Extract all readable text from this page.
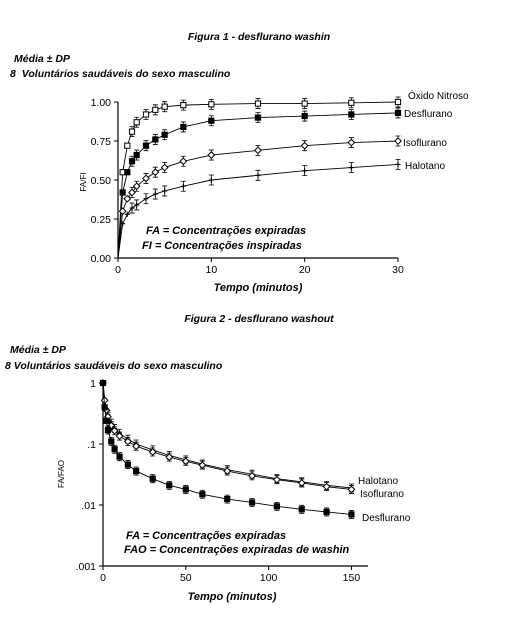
Figura 1 - desflurano washin
Média ± DP
8 Voluntários saudáveis do sexo masculino
0.00
0.25
0.50
0.75
1.00
0	10	20	30
FA/FI
Tempo (minutos)
FA = Concentrações expiradas
FI = Concentrações inspiradas
Óxido Nitroso
Desflurano
Isoflurano
Halotano
Figura 2 - desflurano washout
Média ± DP
8 Voluntários saudáveis do sexo masculino
1
.1
.01
.001
0	50	100	150
FA/FAO
Tempo (minutos)
FA = Concentrações expiradas
FAO = Concentrações expiradas de washin
Halotano
Isoflurano
Desflurano
